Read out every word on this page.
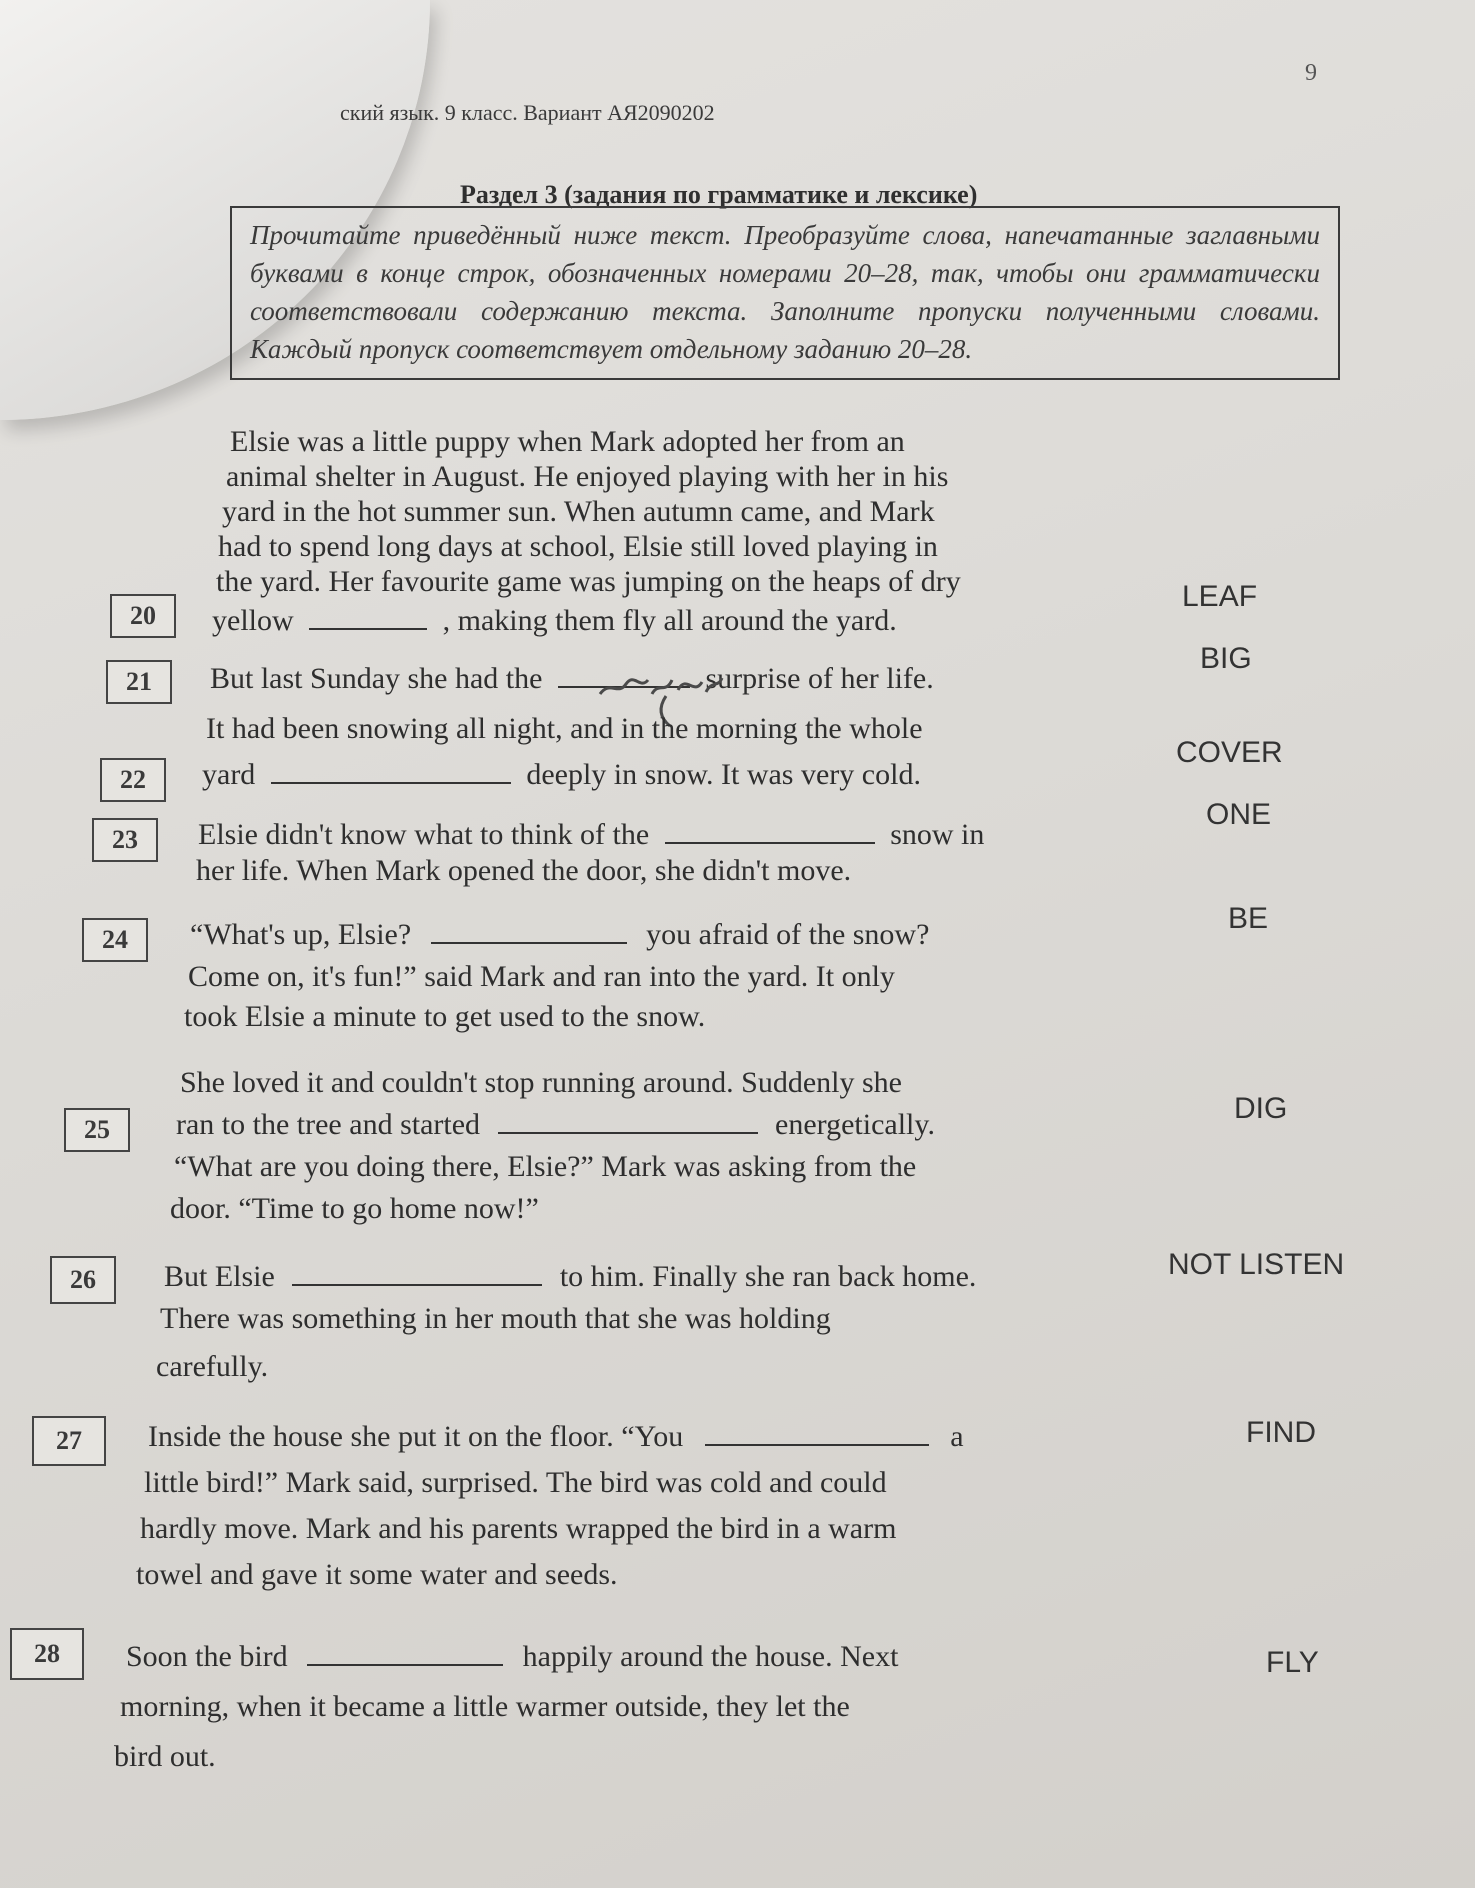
9
ский язык. 9 класс. Вариант АЯ2090202
Раздел 3 (задания по грамматике и лексике)
Прочитайте приведённый ниже текст. Преобразуйте слова, напечатанные заглавными буквами в конце строк, обозначенных номерами 20–28, так, чтобы они грамматически соответствовали содержанию текста. Заполните пропуски полученными словами. Каждый пропуск соответствует отдельному заданию 20–28.
Elsie was a little puppy when Mark adopted her from an
animal shelter in August. He enjoyed playing with her in his
yard in the hot summer sun. When autumn came, and Mark
had to spend long days at school, Elsie still loved playing in
the yard. Her favourite game was jumping on the heaps of dry
20	yellow	, making them fly all around the yard.
LEAF
21	But last Sunday she had the	surprise of her life.
BIG
It had been snowing all night, and in the morning the whole
22	yard	deeply in snow. It was very cold.
COVER
23	Elsie didn't know what to think of the	snow in
her life. When Mark opened the door, she didn't move.
ONE
24	“What's up, Elsie?	you afraid of the snow?
Come on, it's fun!” said Mark and ran into the yard. It only
took Elsie a minute to get used to the snow.
BE
She loved it and couldn't stop running around. Suddenly she
25	ran to the tree and started	energetically.
“What are you doing there, Elsie?” Mark was asking from the
door. “Time to go home now!”
DIG
26	But Elsie	to him. Finally she ran back home.
There was something in her mouth that she was holding
carefully.
NOT LISTEN
27	Inside the house she put it on the floor. “You	a
little bird!” Mark said, surprised. The bird was cold and could
hardly move. Mark and his parents wrapped the bird in a warm
towel and gave it some water and seeds.
FIND
28	Soon the bird	happily around the house. Next
morning, when it became a little warmer outside, they let the
bird out.
FLY
